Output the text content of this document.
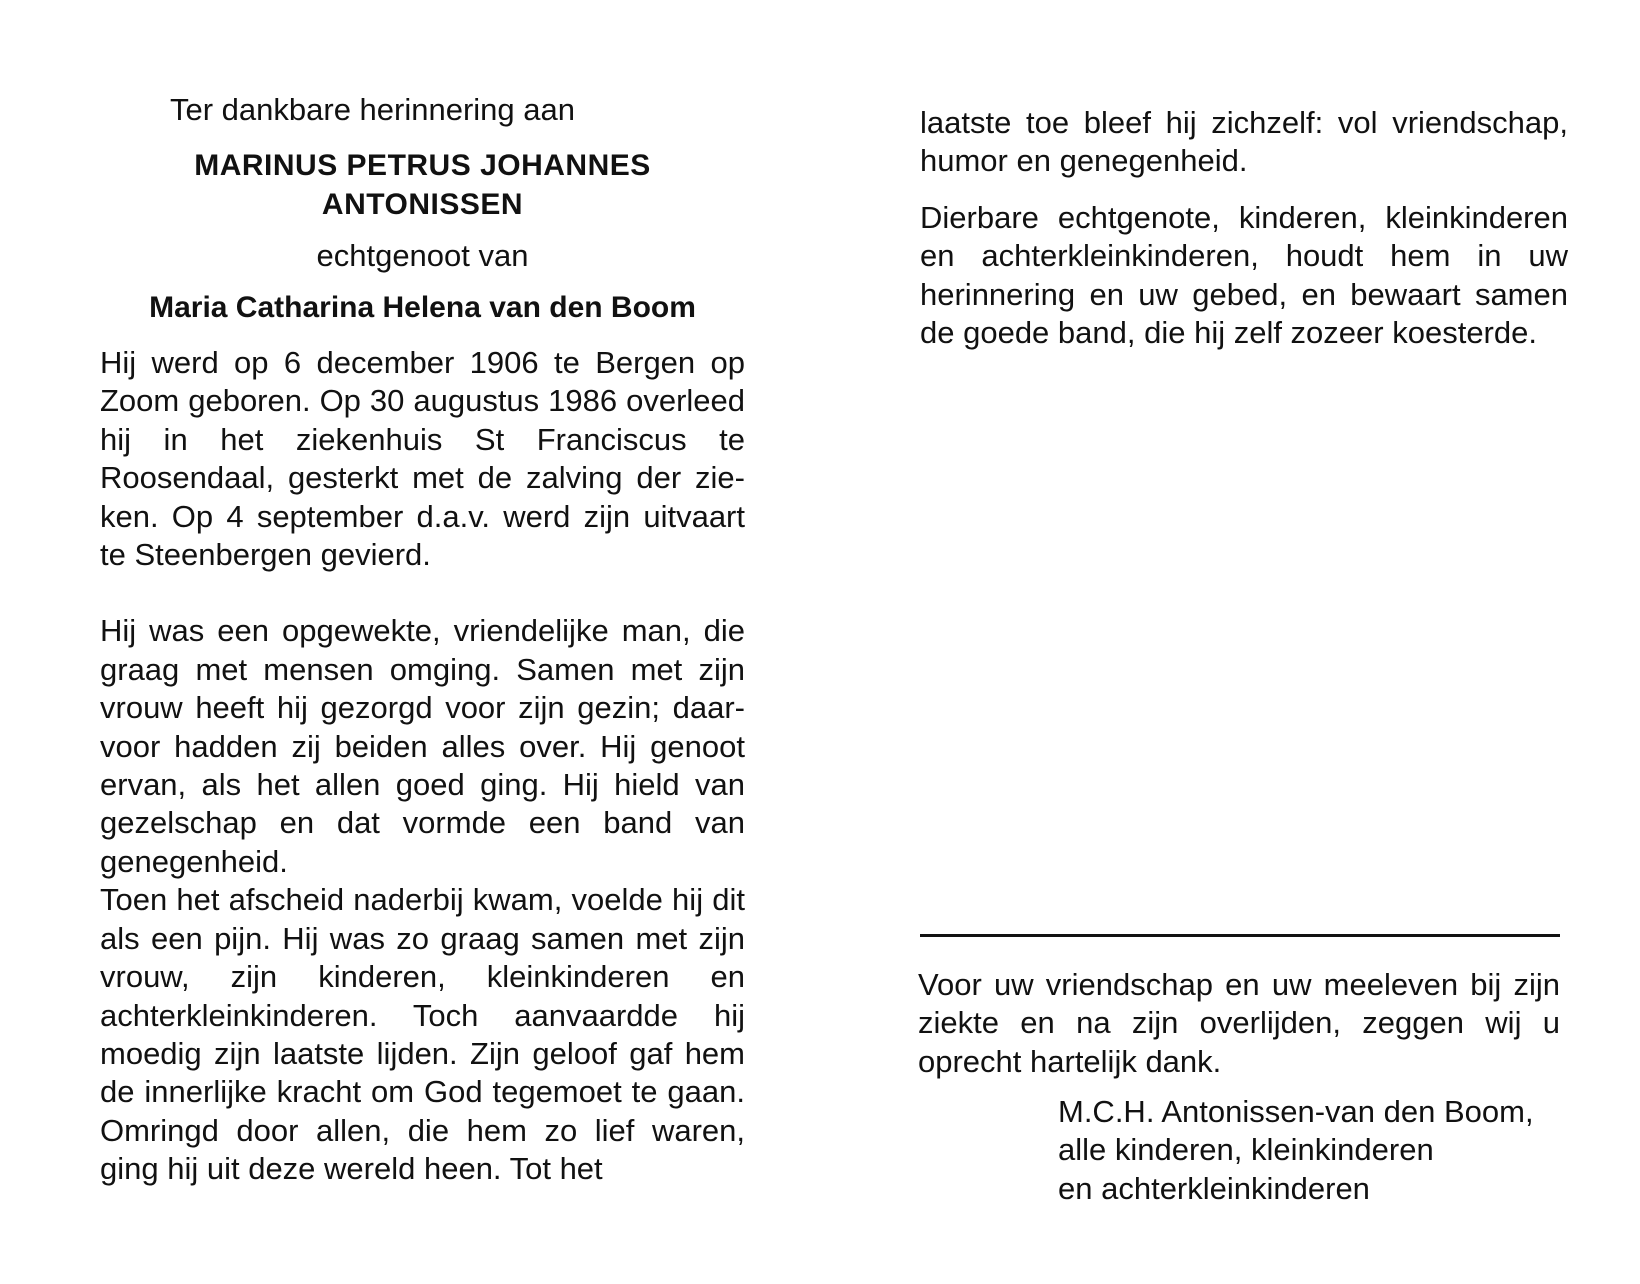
Ter dankbare herinnering aan

MARINUS PETRUS JOHANNES
ANTONISSEN

echtgenoot van

Maria Catharina Helena van den Boom

Hij werd op 6 december 1906 te Bergen op Zoom geboren. Op 30 augustus 1986 overleed hij in het ziekenhuis St Franciscus te Roosendaal, gesterkt met de zalving der zieken. Op 4 september d.a.v. werd zijn uitvaart te Steenbergen gevierd.

Hij was een opgewekte, vriendelijke man, die graag met mensen omging. Samen met zijn vrouw heeft hij gezorgd voor zijn gezin; daarvoor hadden zij beiden alles over. Hij genoot ervan, als het allen goed ging. Hij hield van gezelschap en dat vormde een band van genegenheid.

Toen het afscheid naderbij kwam, voelde hij dit als een pijn. Hij was zo graag samen met zijn vrouw, zijn kinderen, kleinkinderen en achterkleinkinderen. Toch aanvaardde hij moedig zijn laatste lijden. Zijn geloof gaf hem de innerlijke kracht om God tegemoet te gaan. Omringd door allen, die hem zo lief waren, ging hij uit deze wereld heen. Tot het

laatste toe bleef hij zichzelf: vol vriendschap, humor en genegenheid.

Dierbare echtgenote, kinderen, kleinkinderen en achterkleinkinderen, houdt hem in uw herinnering en uw gebed, en bewaart samen de goede band, die hij zelf zozeer koesterde.

Voor uw vriendschap en uw meeleven bij zijn ziekte en na zijn overlijden, zeggen wij u oprecht hartelijk dank.

M.C.H. Antonissen-van den Boom,
alle kinderen, kleinkinderen
en achterkleinkinderen
